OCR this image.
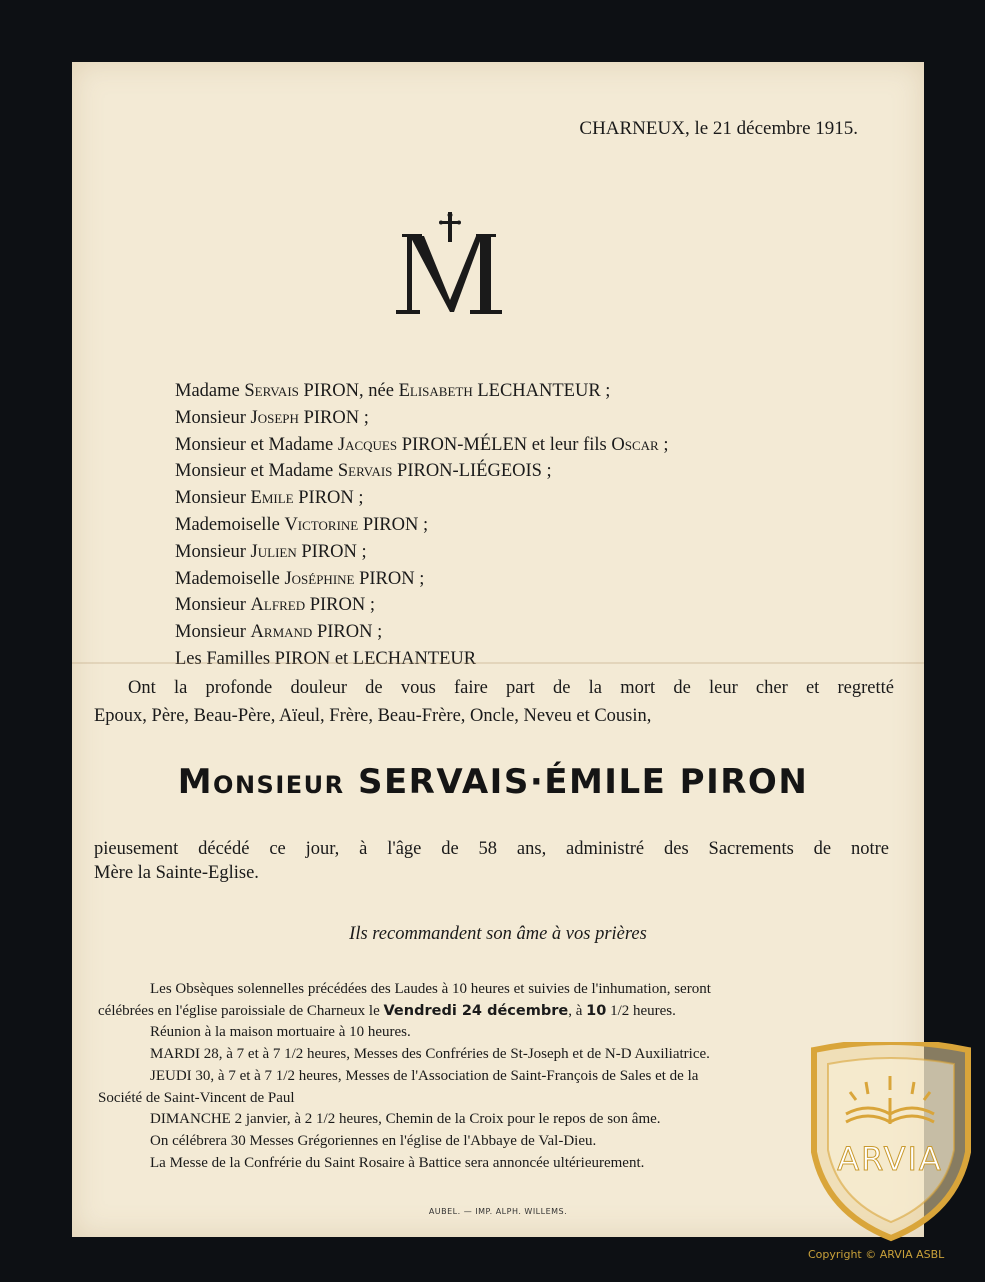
CHARNEUX, le 21 décembre 1915.
Madame Servais PIRON, née Elisabeth LECHANTEUR ;
Monsieur Joseph PIRON ;
Monsieur et Madame Jacques PIRON-MÉLEN et leur fils Oscar ;
Monsieur et Madame Servais PIRON-LIÉGEOIS ;
Monsieur Emile PIRON ;
Mademoiselle Victorine PIRON ;
Monsieur Julien PIRON ;
Mademoiselle Joséphine PIRON ;
Monsieur Alfred PIRON ;
Monsieur Armand PIRON ;
Les Familles PIRON et LECHANTEUR
Ont la profonde douleur de vous faire part de la mort de leur cher et regretté
Epoux, Père, Beau-Père, Aïeul, Frère, Beau-Frère, Oncle, Neveu et Cousin,
Monsieur SERVAIS·ÉMILE PIRON
pieusement décédé ce jour, à l'âge de 58 ans, administré des Sacrements de notre
Mère la Sainte-Eglise.
Ils recommandent son âme à vos prières
Les Obsèques solennelles précédées des Laudes à 10 heures et suivies de l'inhumation, seront
célébrées en l'église paroissiale de Charneux le Vendredi 24 décembre, à 10 1/2 heures.
Réunion à la maison mortuaire à 10 heures.
MARDI 28, à 7 et à 7 1/2 heures, Messes des Confréries de St-Joseph et de N-D Auxiliatrice.
JEUDI 30, à 7 et à 7 1/2 heures, Messes de l'Association de Saint-François de Sales et de la
Société de Saint-Vincent de Paul
DIMANCHE 2 janvier, à 2 1/2 heures, Chemin de la Croix pour le repos de son âme.
On célébrera 30 Messes Grégoriennes en l'église de l'Abbaye de Val-Dieu.
La Messe de la Confrérie du Saint Rosaire à Battice sera annoncée ultérieurement.
AUBEL. — IMP. ALPH. WILLEMS.
ARVIA
Copyright © ARVIA ASBL
